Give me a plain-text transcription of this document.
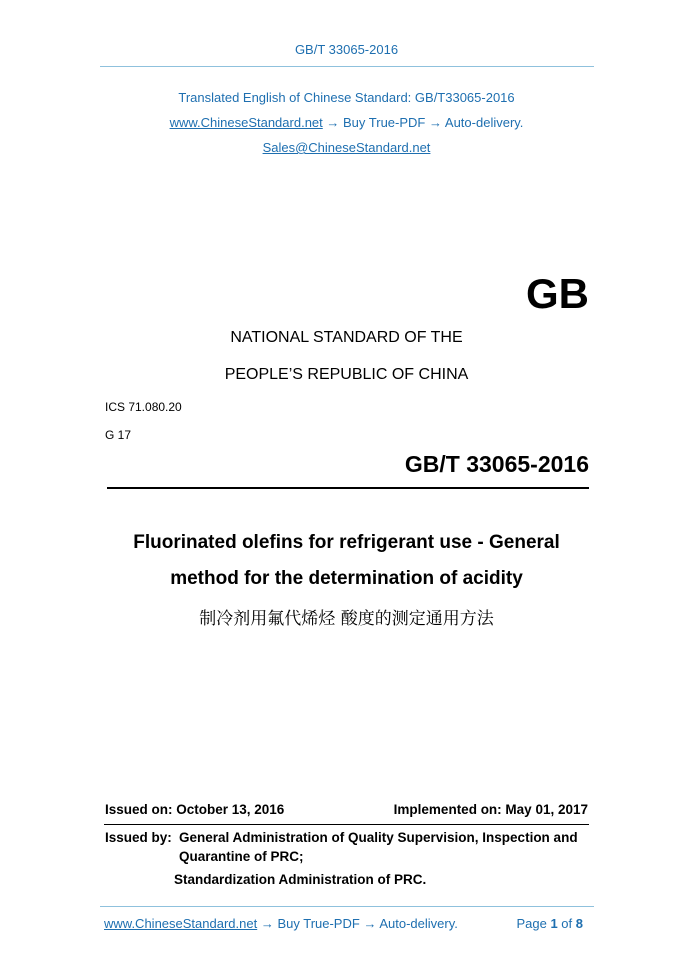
GB/T 33065-2016
Translated English of Chinese Standard: GB/T33065-2016
www.ChineseStandard.net → Buy True-PDF → Auto-delivery.
Sales@ChineseStandard.net
GB
NATIONAL STANDARD OF THE
PEOPLE’S REPUBLIC OF CHINA
ICS 71.080.20
G 17
GB/T 33065-2016
Fluorinated olefins for refrigerant use - General
method for the determination of acidity
制冷剂用氟代烯烃 酸度的测定通用方法
Issued on: October 13, 2016	Implemented on: May 01, 2017
Issued by: General Administration of Quality Supervision, Inspection and
Quarantine of PRC;
Standardization Administration of PRC.
www.ChineseStandard.net → Buy True-PDF → Auto-delivery.	Page 1 of 8
